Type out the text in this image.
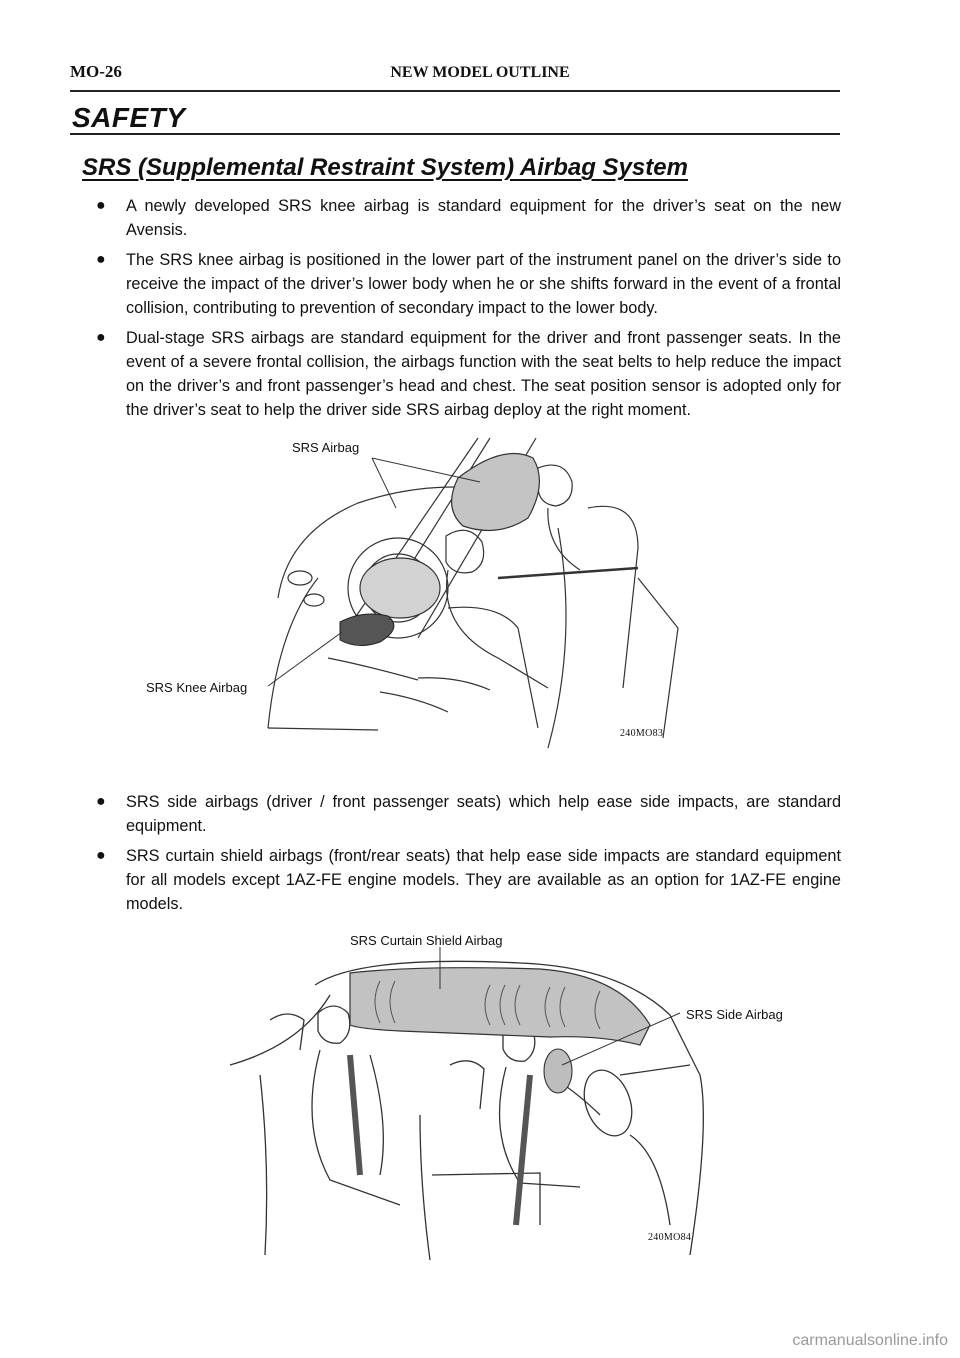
MO-26	NEW MODEL OUTLINE
SAFETY
SRS (Supplemental Restraint System) Airbag System
●	A newly developed SRS knee airbag is standard equipment for the driver’s seat on the new Avensis.
●	The SRS knee airbag is positioned in the lower part of the instrument panel on the driver’s side to receive the impact of the driver’s lower body when he or she shifts forward in the event of a frontal collision, contributing to prevention of secondary impact to the lower body.
●	Dual-stage SRS airbags are standard equipment for the driver and front passenger seats. In the event of a severe frontal collision, the airbags function with the seat belts to help reduce the impact on the driver’s and front passenger’s head and chest. The seat position sensor is adopted only for the driver’s seat to help the driver side SRS airbag deploy at the right moment.
SRS Airbag
SRS Knee Airbag
240MO83
●	SRS side airbags (driver / front passenger seats) which help ease side impacts, are standard equipment.
●	SRS curtain shield airbags (front/rear seats) that help ease side impacts are standard equipment for all models except 1AZ-FE engine models. They are available as an option for 1AZ-FE engine models.
SRS Curtain Shield Airbag
SRS Side Airbag
240MO84
carmanualsonline.info
